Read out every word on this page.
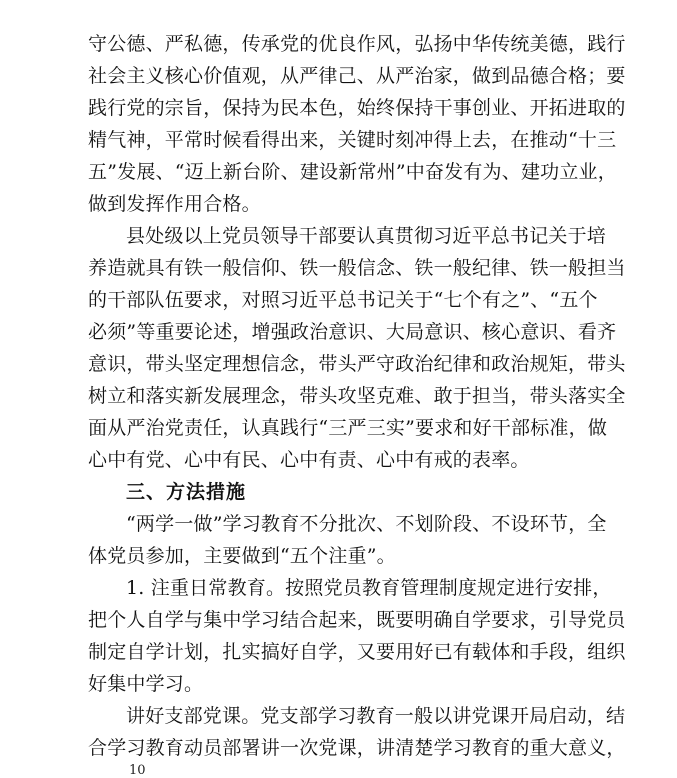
守公德、严私德，传承党的优良作风，弘扬中华传统美德，践行
社会主义核心价值观，从严律己、从严治家，做到品德合格；要
践行党的宗旨，保持为民本色，始终保持干事创业、开拓进取的
精气神，平常时候看得出来，关键时刻冲得上去，在推动“十三
五”发展、“迈上新台阶、建设新常州”中奋发有为、建功立业，
做到发挥作用合格。
县处级以上党员领导干部要认真贯彻习近平总书记关于培
养造就具有铁一般信仰、铁一般信念、铁一般纪律、铁一般担当
的干部队伍要求，对照习近平总书记关于“七个有之”、“五个
必须”等重要论述，增强政治意识、大局意识、核心意识、看齐
意识，带头坚定理想信念，带头严守政治纪律和政治规矩，带头
树立和落实新发展理念，带头攻坚克难、敢于担当，带头落实全
面从严治党责任，认真践行“三严三实”要求和好干部标准，做
心中有党、心中有民、心中有责、心中有戒的表率。
三、方法措施
“两学一做”学习教育不分批次、不划阶段、不设环节，全
体党员参加，主要做到“五个注重”。
1. 注重日常教育。按照党员教育管理制度规定进行安排，
把个人自学与集中学习结合起来，既要明确自学要求，引导党员
制定自学计划，扎实搞好自学，又要用好已有载体和手段，组织
好集中学习。
讲好支部党课。党支部学习教育一般以讲党课开局启动，结
合学习教育动员部署讲一次党课，讲清楚学习教育的重大意义，
10
